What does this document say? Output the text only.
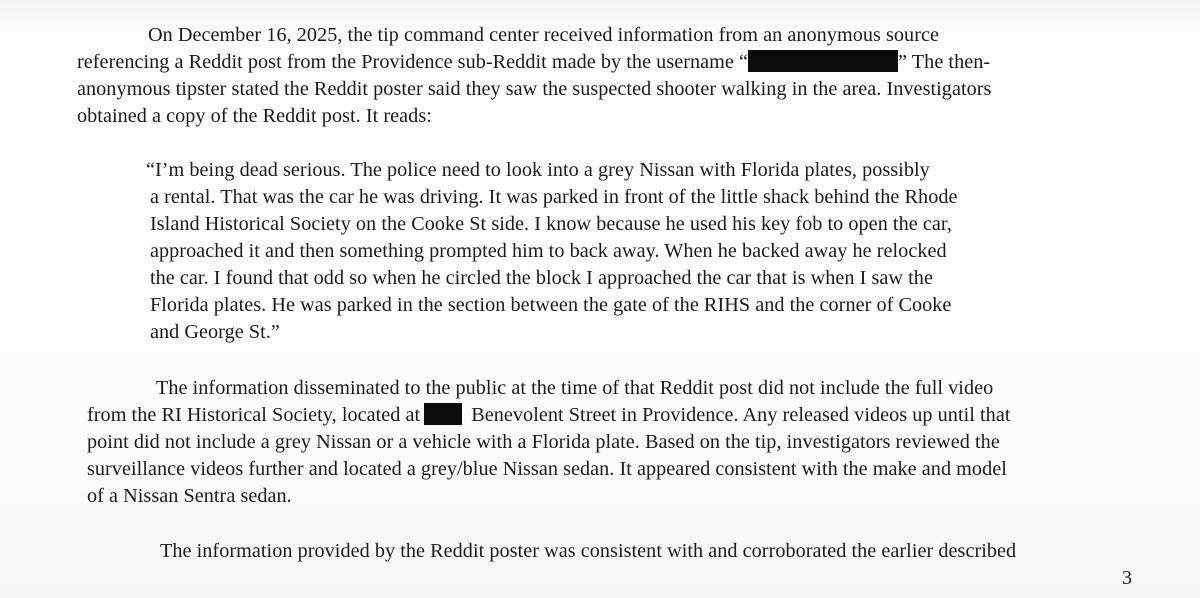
On December 16, 2025, the tip command center received information from an anonymous source
referencing a Reddit post from the Providence sub-Reddit made by the username “	” The then-
anonymous tipster stated the Reddit poster said they saw the suspected shooter walking in the area. Investigators
obtained a copy of the Reddit post. It reads:
“I’m being dead serious. The police need to look into a grey Nissan with Florida plates, possibly
a rental. That was the car he was driving. It was parked in front of the little shack behind the Rhode
Island Historical Society on the Cooke St side. I know because he used his key fob to open the car,
approached it and then something prompted him to back away. When he backed away he relocked
the car. I found that odd so when he circled the block I approached the car that is when I saw the
Florida plates. He was parked in the section between the gate of the RIHS and the corner of Cooke
and George St.”
The information disseminated to the public at the time of that Reddit post did not include the full video
from the RI Historical Society, located at	Benevolent Street in Providence. Any released videos up until that
point did not include a grey Nissan or a vehicle with a Florida plate. Based on the tip, investigators reviewed the
surveillance videos further and located a grey/blue Nissan sedan. It appeared consistent with the make and model
of a Nissan Sentra sedan.
The information provided by the Reddit poster was consistent with and corroborated the earlier described
3
